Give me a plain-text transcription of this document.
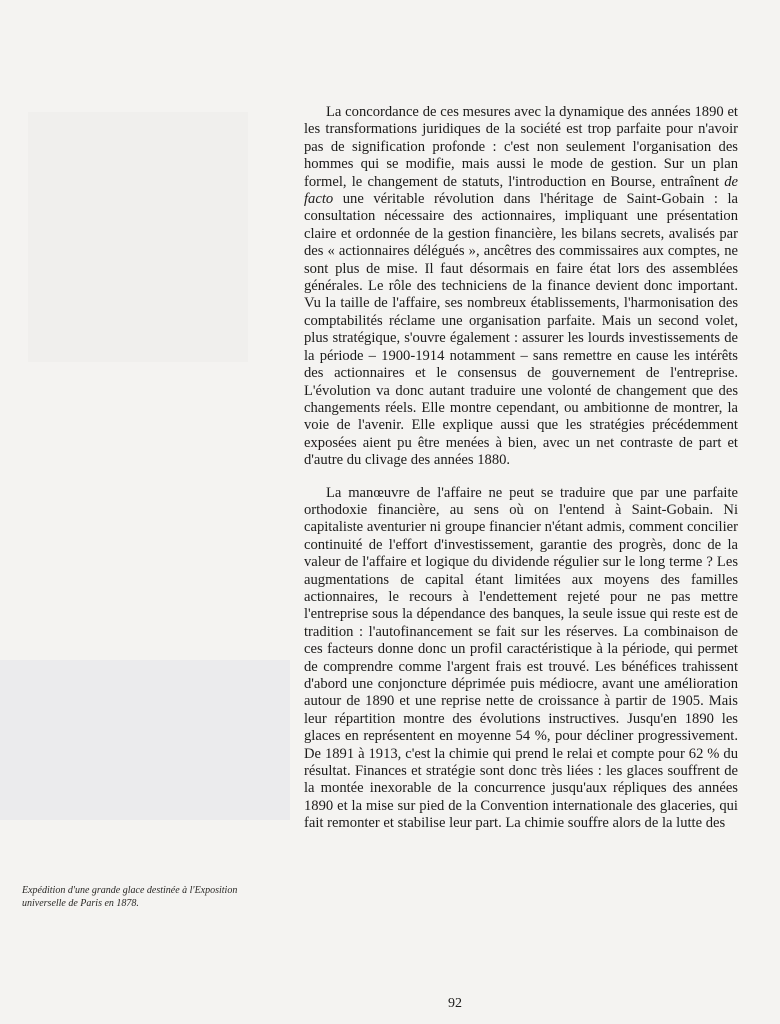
Expédition d'une grande glace destinée à l'Exposition universelle de Paris en 1878.

La concordance de ces mesures avec la dynamique des années 1890 et les transformations juridiques de la société est trop parfaite pour n'avoir pas de signification profonde : c'est non seulement l'organisation des hommes qui se modifie, mais aussi le mode de gestion. Sur un plan formel, le changement de statuts, l'introduction en Bourse, entraînent de facto une véritable révolution dans l'héritage de Saint-Gobain : la consultation nécessaire des actionnaires, impliquant une présentation claire et ordonnée de la gestion financière, les bilans secrets, avalisés par des « actionnaires délégués », ancêtres des commissaires aux comptes, ne sont plus de mise. Il faut désormais en faire état lors des assemblées générales. Le rôle des techniciens de la finance devient donc important. Vu la taille de l'affaire, ses nombreux établissements, l'harmonisation des comptabilités réclame une organisation parfaite. Mais un second volet, plus stratégique, s'ouvre également : assurer les lourds investissements de la période – 1900-1914 notamment – sans remettre en cause les intérêts des actionnaires et le consensus de gouvernement de l'entreprise. L'évolution va donc autant traduire une volonté de changement que des changements réels. Elle montre cependant, ou ambitionne de montrer, la voie de l'avenir. Elle explique aussi que les stratégies précédemment exposées aient pu être menées à bien, avec un net contraste de part et d'autre du clivage des années 1880.

La manœuvre de l'affaire ne peut se traduire que par une parfaite orthodoxie financière, au sens où on l'entend à Saint-Gobain. Ni capitaliste aventurier ni groupe financier n'étant admis, comment concilier continuité de l'effort d'investissement, garantie des progrès, donc de la valeur de l'affaire et logique du dividende régulier sur le long terme ? Les augmentations de capital étant limitées aux moyens des familles actionnaires, le recours à l'endettement rejeté pour ne pas mettre l'entreprise sous la dépendance des banques, la seule issue qui reste est de tradition : l'autofinancement se fait sur les réserves. La combinaison de ces facteurs donne donc un profil caractéristique à la période, qui permet de comprendre comme l'argent frais est trouvé. Les bénéfices trahissent d'abord une conjoncture déprimée puis médiocre, avant une amélioration autour de 1890 et une reprise nette de croissance à partir de 1905. Mais leur répartition montre des évolutions instructives. Jusqu'en 1890 les glaces en représentent en moyenne 54 %, pour décliner progressivement. De 1891 à 1913, c'est la chimie qui prend le relai et compte pour 62 % du résultat. Finances et stratégie sont donc très liées : les glaces souffrent de la montée inexorable de la concurrence jusqu'aux répliques des années 1890 et la mise sur pied de la Convention internationale des glaceries, qui fait remonter et stabilise leur part. La chimie souffre alors de la lutte des

92
